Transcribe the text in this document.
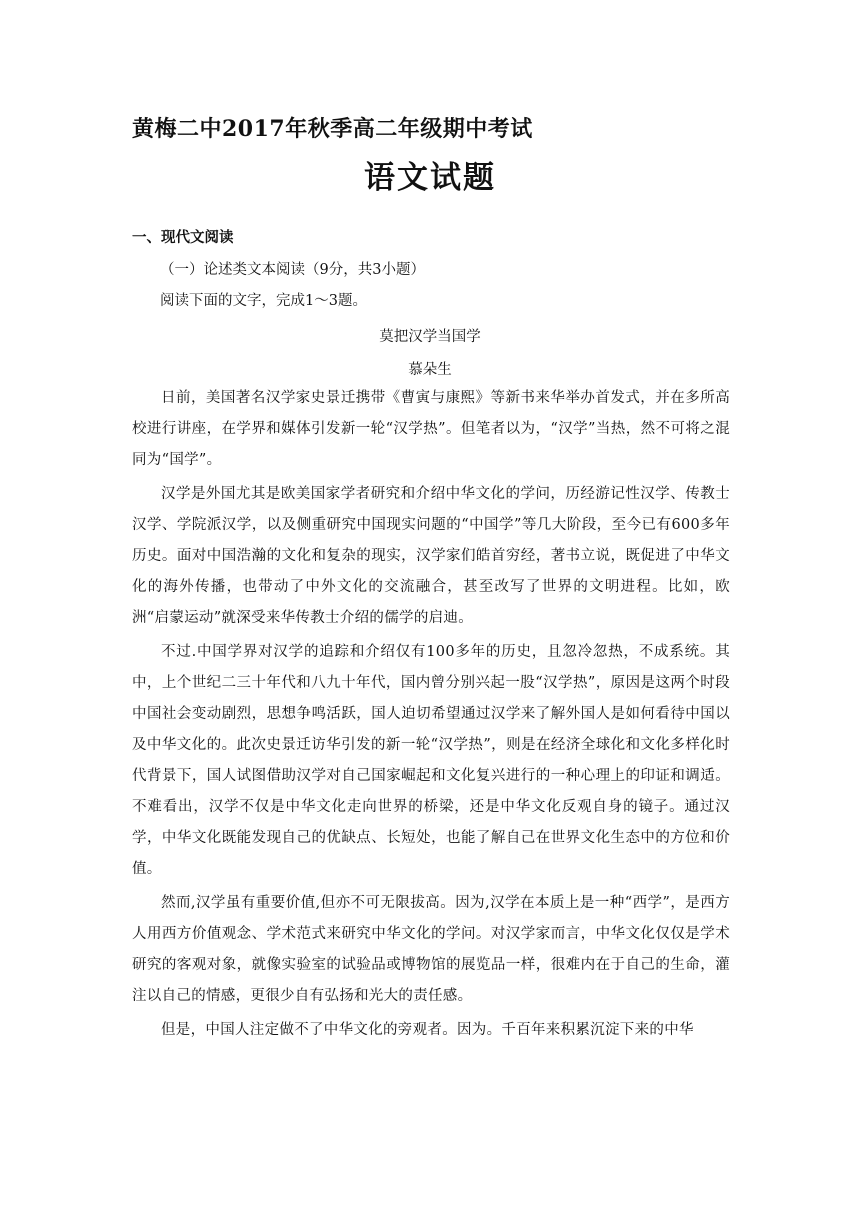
黄梅二中2017年秋季高二年级期中考试
语文试题
一、现代文阅读
（一）论述类文本阅读（9分，共3小题）
阅读下面的文字，完成1～3题。
莫把汉学当国学
慕朵生

日前，美国著名汉学家史景迁携带《曹寅与康熙》等新书来华举办首发式，并在多所高校进行讲座，在学界和媒体引发新一轮“汉学热”。但笔者以为，“汉学”当热，然不可将之混同为“国学”。

汉学是外国尤其是欧美国家学者研究和介绍中华文化的学问，历经游记性汉学、传教士汉学、学院派汉学，以及侧重研究中国现实问题的“中国学”等几大阶段，至今已有600多年历史。面对中国浩瀚的文化和复杂的现实，汉学家们皓首穷经，著书立说，既促进了中华文化的海外传播，也带动了中外文化的交流融合，甚至改写了世界的文明进程。比如，欧洲“启蒙运动”就深受来华传教士介绍的儒学的启迪。

不过.中国学界对汉学的追踪和介绍仅有100多年的历史，且忽冷忽热，不成系统。其中，上个世纪二三十年代和八九十年代，国内曾分别兴起一股“汉学热”，原因是这两个时段中国社会变动剧烈，思想争鸣活跃，国人迫切希望通过汉学来了解外国人是如何看待中国以及中华文化的。此次史景迁访华引发的新一轮“汉学热”，则是在经济全球化和文化多样化时代背景下，国人试图借助汉学对自己国家崛起和文化复兴进行的一种心理上的印证和调适。不难看出，汉学不仅是中华文化走向世界的桥梁，还是中华文化反观自身的镜子。通过汉学，中华文化既能发现自己的优缺点、长短处，也能了解自己在世界文化生态中的方位和价值。

然而,汉学虽有重要价值,但亦不可无限拔高。因为,汉学在本质上是一种“西学”，是西方人用西方价值观念、学术范式来研究中华文化的学问。对汉学家而言，中华文化仅仅是学术研究的客观对象，就像实验室的试验品或博物馆的展览品一样，很难内在于自己的生命，灌注以自己的情感，更很少自有弘扬和光大的责任感。

但是，中国人注定做不了中华文化的旁观者。因为。千百年来积累沉淀下来的中华
